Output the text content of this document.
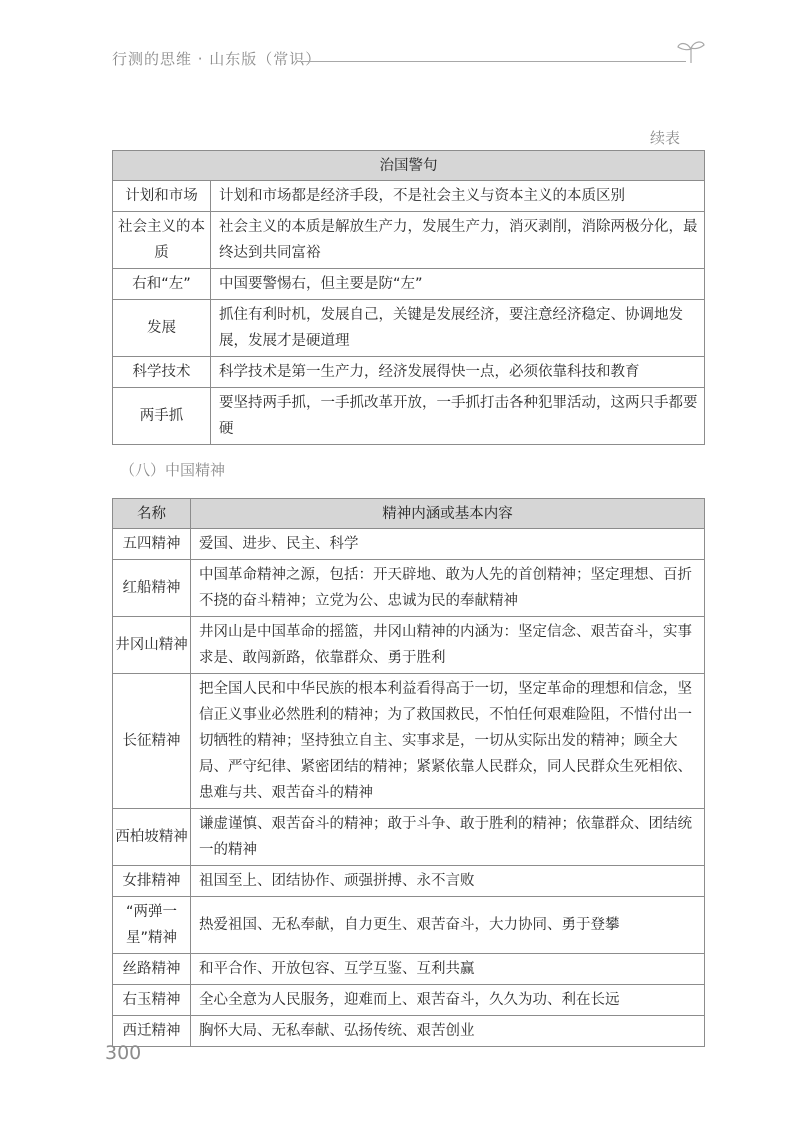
行测的思维 · 山东版（常识）
续表
治国警句	
计划和市场	计划和市场都是经济手段，不是社会主义与资本主义的本质区别
社会主义的本质	社会主义的本质是解放生产力，发展生产力，消灭剥削，消除两极分化，最终达到共同富裕
右和“左”	中国要警惕右，但主要是防“左”
发展	抓住有利时机，发展自己，关键是发展经济，要注意经济稳定、协调地发展，发展才是硬道理
科学技术	科学技术是第一生产力，经济发展得快一点，必须依靠科技和教育
两手抓	要坚持两手抓，一手抓改革开放，一手抓打击各种犯罪活动，这两只手都要硬
（八）中国精神
名称	精神内涵或基本内容
五四精神	爱国、进步、民主、科学
红船精神	中国革命精神之源，包括：开天辟地、敢为人先的首创精神；坚定理想、百折不挠的奋斗精神；立党为公、忠诚为民的奉献精神
井冈山精神	井冈山是中国革命的摇篮，井冈山精神的内涵为：坚定信念、艰苦奋斗，实事求是、敢闯新路，依靠群众、勇于胜利
长征精神	把全国人民和中华民族的根本利益看得高于一切，坚定革命的理想和信念，坚信正义事业必然胜利的精神；为了救国救民，不怕任何艰难险阻，不惜付出一切牺牲的精神；坚持独立自主、实事求是，一切从实际出发的精神；顾全大局、严守纪律、紧密团结的精神；紧紧依靠人民群众，同人民群众生死相依、患难与共、艰苦奋斗的精神
西柏坡精神	谦虚谨慎、艰苦奋斗的精神；敢于斗争、敢于胜利的精神；依靠群众、团结统一的精神
女排精神	祖国至上、团结协作、顽强拼搏、永不言败
“两弹一星”精神	热爱祖国、无私奉献，自力更生、艰苦奋斗，大力协同、勇于登攀
丝路精神	和平合作、开放包容、互学互鉴、互利共赢
右玉精神	全心全意为人民服务，迎难而上、艰苦奋斗，久久为功、利在长远
西迁精神	胸怀大局、无私奉献、弘扬传统、艰苦创业
300
